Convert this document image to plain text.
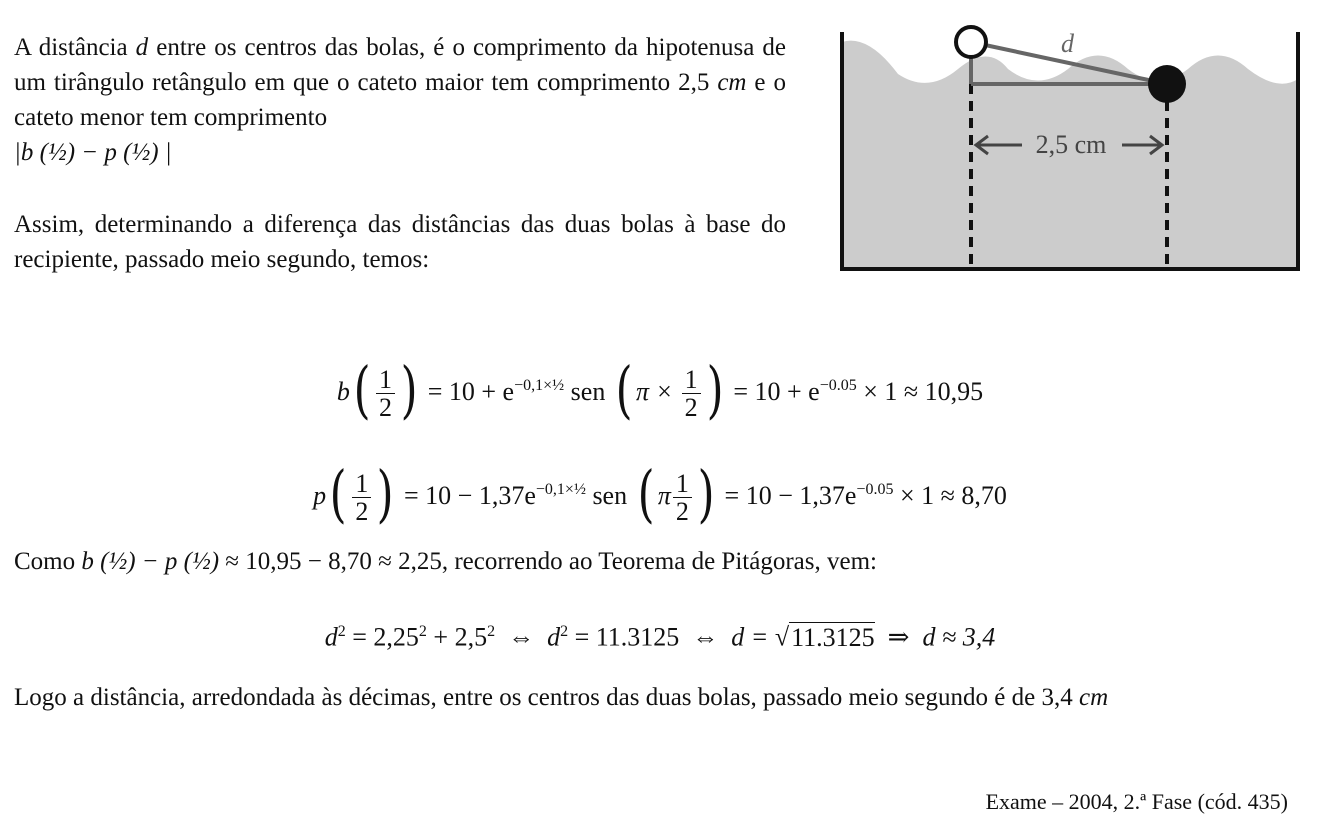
A distância d entre os centros das bolas, é o comprimento da hipotenusa de um tirângulo retângulo em que o cateto maior tem comprimento 2,5 cm e o cateto menor tem comprimento
|b (½) − p (½) |
Assim, determinando a diferença das distâncias das duas bolas à base do recipiente, passado meio segundo, temos:
d
2,5 cm
$b( \frac{1}{2}$ ) = $10 + e^{-0,1\times\frac{1}{2}}$ sen ( $\pi \times \frac{1}{2}$ ) = $10 + e^{-0.05} \times 1 \approx 10,95$
$p( \frac{1}{2}$ ) = $10 - 1,37e^{-0,1\times\frac{1}{2}}$ sen ( π $\frac{1}{2}$ ) = $10 - 1,37e^{-0.05} \times 1 \approx 8,70$
Como b (½) − p (½) ≈ 10,95 − 8,70 ≈ 2,25, recorrendo ao Teorema de Pitágoras, vem:
$d^2 = 2,25^2 + 2,5^2$  ⇔  $d^2 = 11.3125$  ⇔  d = √11.3125  ⇒  d ≈ 3,4
Logo a distância, arredondada às décimas, entre os centros das duas bolas, passado meio segundo é de 3,4 cm
Exame – 2004, 2.ª Fase (cód. 435)
